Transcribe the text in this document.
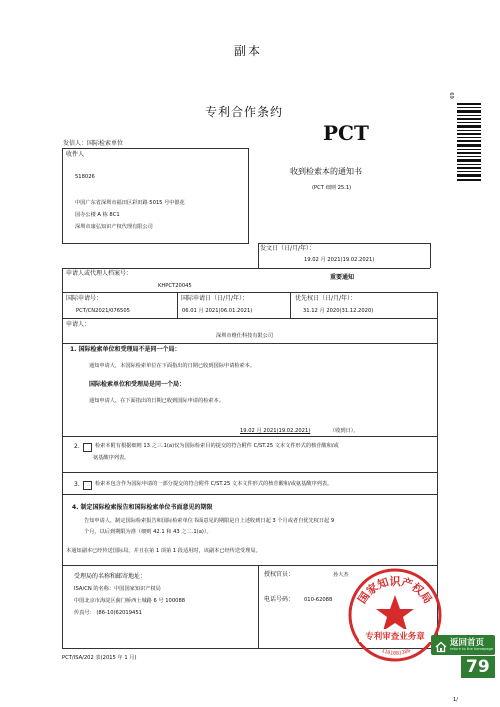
副本
专利合作条约
PCT
69
收到检索本的通知书
(PCT 细则 25.1)
发信人：国际检索单位
收件人
518026
中国广东省深圳市福田区彩田路 5015 号中银花
园办公楼 A 栋 8C1
深圳市康弘知识产权代理有限公司
发文日（日/月/年）：
19.02 月 2021(19.02.2021)
重要通知
申请人或代理人档案号：
KHPCT20045
国际申请号：
PCT/CN2021/076505
国际申请日（日/月/年）：
06.01 月 2021(06.01.2021)
优先权日（日/月/年）：
31.12 月 2020(31.12.2020)
申请人：
深圳市维仕科技有限公司
1. 国际检索单位和受理局不是同一个局：
通知申请人，本国际检索单位在下面指出的日期已收到国际申请检索本。
国际检索单位和受理局是同一个局：
通知申请人，在下面指出的日期已收到国际申请的检索本。
19.02 月 2021(19.02.2021)	（收到日）。
2.	检索本附有根据细则 13 之三.1(a)仅为国际检索目的提交的符合附件 C/ST.25 文本文件形式的核苷酸和/或
氨基酸序列表。
3.	检索本包含作为国际申请的一部分提交的符合附件 C/ST.25 文本文件形式的核苷酸和/或氨基酸序列表。
4. 制定国际检索报告和国际检索单位书面意见的期限
告知申请人，制定国际检索报告和国际检索单位书面意见的期限是自上述收到日起 3 个月或者自优先权日起 9
个月，以后到期限为准（细则 42.1 和 43 之二.1(a)）。
本通知副本已经传送国际局，并且在第 1 项第 1 段适用时，该副本已经传送受理局。
受理局的名称和邮寄地址：
ISA/CN 的名称：中国国家知识产权局
中国北京市海淀区蓟门桥西土城路 6 号 100088
传真号： (86-10)62019451
授权官员：	孙大杰
电话号码： 010-62088 国家知识产权局
专利审查业务章
1101081386
PCT/ISA/202 表(2015 年 1 月)
返回首页
return to the homepage
79
1/
